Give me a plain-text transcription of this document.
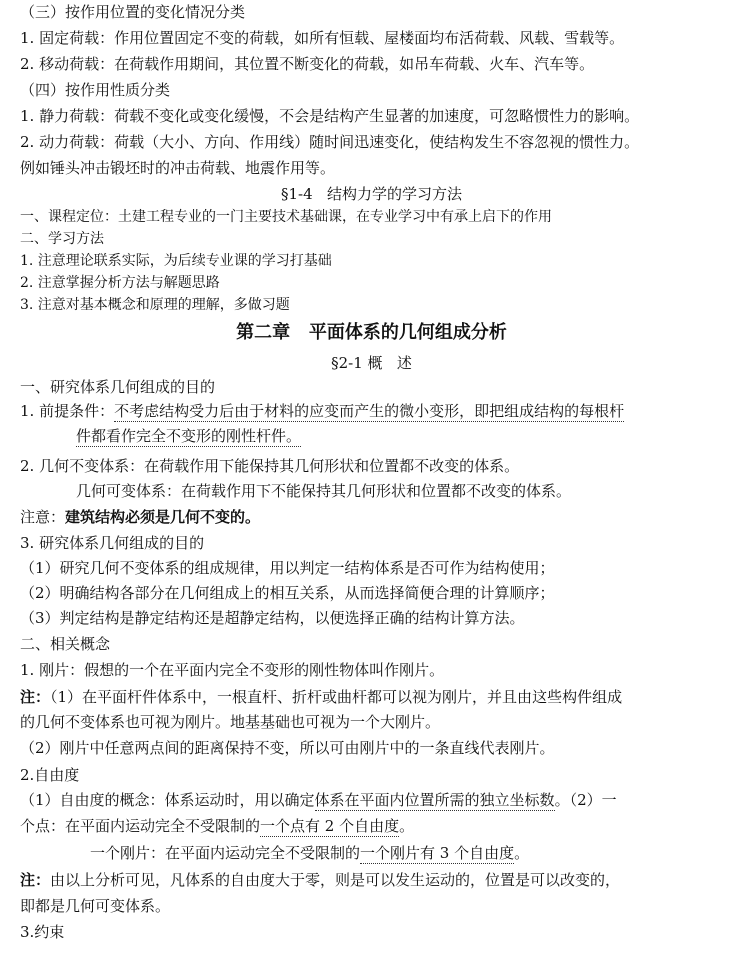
（三）按作用位置的变化情况分类
1. 固定荷载：作用位置固定不变的荷载，如所有恒载、屋楼面均布活荷载、风载、雪载等。
2. 移动荷载：在荷载作用期间，其位置不断变化的荷载，如吊车荷载、火车、汽车等。
（四）按作用性质分类
1. 静力荷载：荷载不变化或变化缓慢，不会是结构产生显著的加速度，可忽略惯性力的影响。
2. 动力荷载：荷载（大小、方向、作用线）随时间迅速变化，使结构发生不容忽视的惯性力。
例如锤头冲击锻坯时的冲击荷载、地震作用等。
§1-4   结构力学的学习方法
一、课程定位：土建工程专业的一门主要技术基础课，在专业学习中有承上启下的作用
二、学习方法
1. 注意理论联系实际，为后续专业课的学习打基础
2. 注意掌握分析方法与解题思路
3. 注意对基本概念和原理的理解，多做习题
第二章   平面体系的几何组成分析
§2-1 概   述
一、研究体系几何组成的目的
1. 前提条件：不考虑结构受力后由于材料的应变而产生的微小变形，即把组成结构的每根杆
件都看作完全不变形的刚性杆件。
2. 几何不变体系：在荷载作用下能保持其几何形状和位置都不改变的体系。
几何可变体系：在荷载作用下不能保持其几何形状和位置都不改变的体系。
注意：建筑结构必须是几何不变的。
3. 研究体系几何组成的目的
（1）研究几何不变体系的组成规律，用以判定一结构体系是否可作为结构使用；
（2）明确结构各部分在几何组成上的相互关系，从而选择简便合理的计算顺序；
（3）判定结构是静定结构还是超静定结构，以便选择正确的结构计算方法。
二、相关概念
1. 刚片：假想的一个在平面内完全不变形的刚性物体叫作刚片。
注：（1）在平面杆件体系中，一根直杆、折杆或曲杆都可以视为刚片，并且由这些构件组成
的几何不变体系也可视为刚片。地基基础也可视为一个大刚片。
（2）刚片中任意两点间的距离保持不变，所以可由刚片中的一条直线代表刚片。
2.自由度
（1）自由度的概念：体系运动时，用以确定体系在平面内位置所需的独立坐标数。（2）一
个点：在平面内运动完全不受限制的一个点有 2 个自由度。
一个刚片：在平面内运动完全不受限制的一个刚片有 3 个自由度。
注：由以上分析可见，凡体系的自由度大于零，则是可以发生运动的，位置是可以改变的，
即都是几何可变体系。
3.约束
